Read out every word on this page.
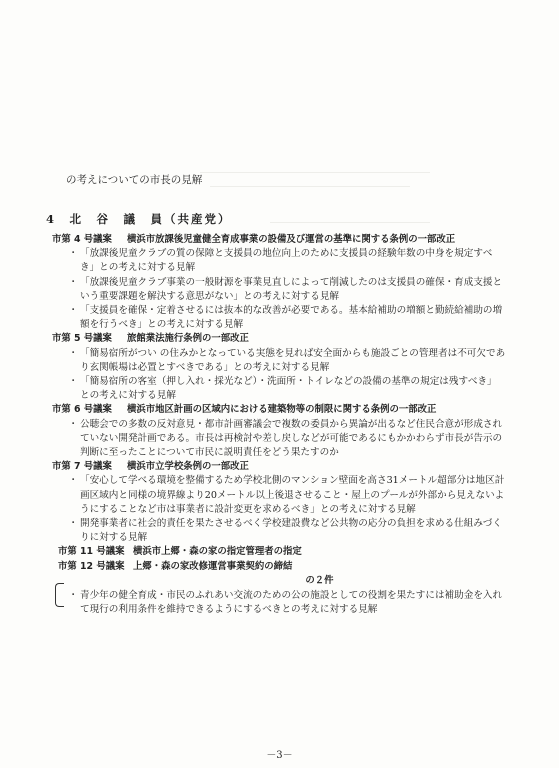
の考えについての市長の見解
4　北　谷　議　員（共産党）
市第 4 号議案	横浜市放課後児童健全育成事業の設備及び運営の基準に関する条例の一部改正
・ 「放課後児童クラブの質の保障と支援員の地位向上のために支援員の経験年数の中身を規定すべき」との考えに対する見解
・ 「放課後児童クラブ事業の一般財源を事業見直しによって削減したのは支援員の確保・育成支援という重要課題を解決する意思がない」との考えに対する見解
・ 「支援員を確保・定着させるには抜本的な改善が必要である。基本給補助の増額と勤続給補助の増額を行うべき」との考えに対する見解
市第 5 号議案	旅館業法施行条例の一部改正
・ 「簡易宿所がつい の住みかとなっている実態を見れば安全面からも施設ごとの管理者は不可欠であり玄関帳場は必置とすべきである」との考えに対する見解
・ 「簡易宿所の客室（押し入れ・採光など）・洗面所・トイレなどの設備の基準の規定は残すべき」との考えに対する見解
市第 6 号議案	横浜市地区計画の区域内における建築物等の制限に関する条例の一部改正
・ 公聴会での多数の反対意見・都市計画審議会で複数の委員から異論が出るなど住民合意が形成されていない開発計画である。市長は再検討や差し戻しなどが可能であるにもかかわらず市長が告示の判断に至ったことについて市民に説明責任をどう果たすのか
市第 7 号議案	横浜市立学校条例の一部改正
・ 「安心して学べる環境を整備するため学校北側のマンション壁面を高さ31メートル超部分は地区計画区域内と同様の境界線より20メートル以上後退させること・屋上のプールが外部から見えないようにすることなど市は事業者に設計変更を求めるべき」との考えに対する見解
・ 開発事業者に社会的責任を果たさせるべく学校建設費など公共物の応分の負担を求める仕組みづくりに対する見解
市第 11 号議案 横浜市上郷・森の家の指定管理者の指定
市第 12 号議案 上郷・森の家改修運営事業契約の締結
の２件
・ 青少年の健全育成・市民のふれあい交流のための公の施設としての役割を果たすには補助金を入れて現行の利用条件を維持できるようにするべきとの考えに対する見解
－3－
